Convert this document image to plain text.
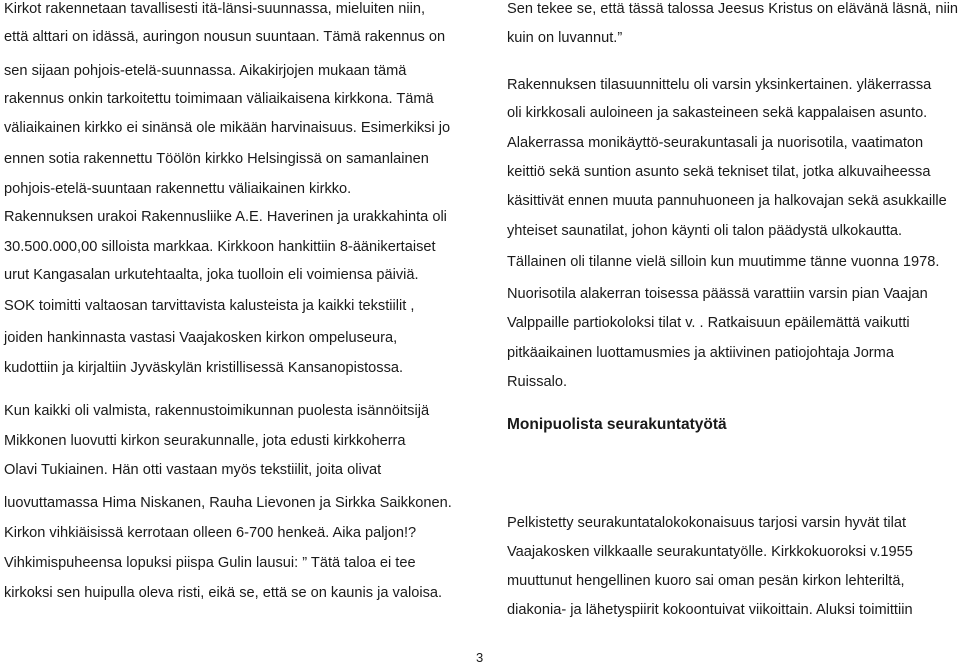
Kirkot rakennetaan tavallisesti itä-länsi-suunnassa, mieluiten niin,
että alttari on idässä, auringon nousun suuntaan. Tämä rakennus on
sen sijaan pohjois-etelä-suunnassa. Aikakirjojen mukaan tämä
rakennus onkin tarkoitettu toimimaan väliaikaisena kirkkona. Tämä
väliaikainen kirkko ei sinänsä ole mikään harvinaisuus. Esimerkiksi jo
ennen sotia rakennettu Töölön kirkko Helsingissä on samanlainen
pohjois-etelä-suuntaan rakennettu väliaikainen kirkko.
Rakennuksen urakoi Rakennusliike A.E. Haverinen ja urakkahinta oli
30.500.000,00 silloista markkaa. Kirkkoon hankittiin 8-äänikertaiset
urut Kangasalan urkutehtaalta, joka tuolloin eli voimiensa päiviä.
SOK toimitti valtaosan tarvittavista kalusteista ja kaikki tekstiilit ,
joiden hankinnasta vastasi Vaajakosken kirkon ompeluseura,
kudottiin ja kirjaltiin Jyväskylän kristillisessä Kansanopistossa.
Kun kaikki oli valmista, rakennustoimikunnan puolesta isännöitsijä
Mikkonen luovutti kirkon seurakunnalle, jota edusti kirkkoherra
Olavi Tukiainen. Hän otti vastaan myös tekstiilit, joita olivat
luovuttamassa Hima Niskanen, Rauha Lievonen ja Sirkka Saikkonen.
Kirkon vihkiäisissä kerrotaan olleen 6-700 henkeä. Aika paljon!?
Vihkimispuheensa lopuksi piispa Gulin lausui: ” Tätä taloa ei tee
kirkoksi sen huipulla oleva risti, eikä se, että se on kaunis ja valoisa.
Sen tekee se, että tässä talossa Jeesus Kristus on elävänä läsnä, niin
kuin on luvannut.”
Rakennuksen tilasuunnittelu oli varsin yksinkertainen. yläkerrassa
oli kirkkosali auloineen ja sakasteineen sekä kappalaisen asunto.
Alakerrassa monikäyttö-seurakuntasali ja nuorisotila, vaatimaton
keittiö sekä suntion asunto sekä tekniset tilat, jotka alkuvaiheessa
käsittivät ennen muuta pannuhuoneen ja halkovajan sekä asukkaille
yhteiset saunatilat, johon käynti oli talon päädystä ulkokautta.
Tällainen oli tilanne vielä silloin kun muutimme tänne vuonna 1978.
Nuorisotila alakerran toisessa päässä varattiin varsin pian Vaajan
Valppaille partiokoloksi tilat v. . Ratkaisuun epäilemättä vaikutti
pitkäaikainen luottamusmies ja aktiivinen patiojohtaja Jorma
Ruissalo.
Monipuolista seurakuntatyötä
Pelkistetty seurakuntatalokokonaisuus tarjosi varsin hyvät tilat
Vaajakosken vilkkaalle seurakuntatyölle. Kirkkokuoroksi v.1955
muuttunut hengellinen kuoro sai oman pesän kirkon lehteriltä,
diakonia- ja lähetyspiirit kokoontuivat viikoittain. Aluksi toimittiin
3
